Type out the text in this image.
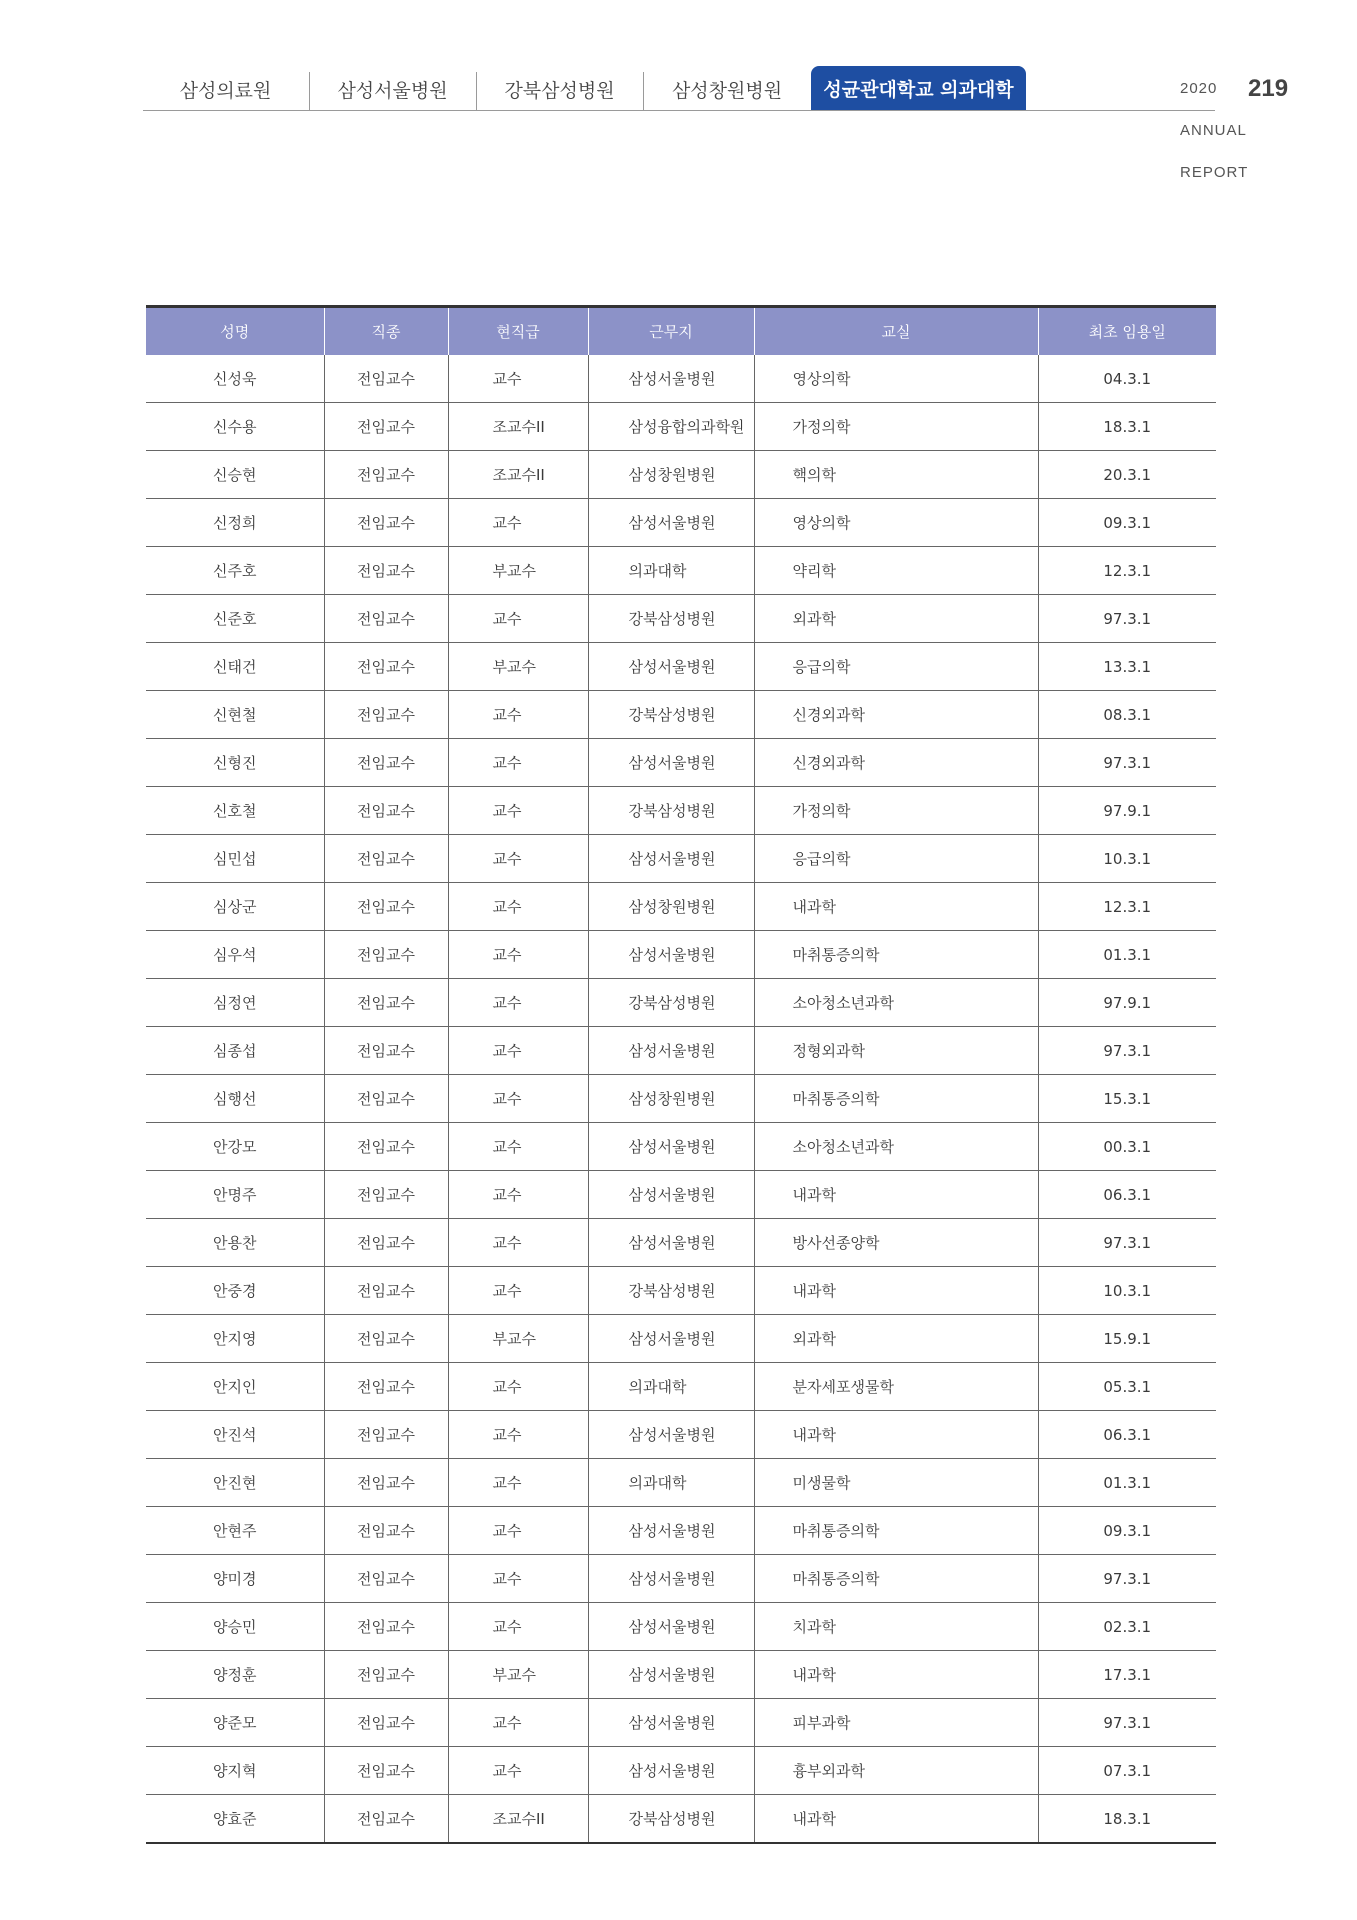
삼성의료원	삼성서울병원	강북삼성병원	삼성창원병원	성균관대학교 의과대학	2020 ANNUAL REPORT
219
성명	직종	현직급	근무지	교실	최초 임용일
신성욱	전임교수	교수	삼성서울병원	영상의학	04.3.1
신수용	전임교수	조교수II	삼성융합의과학원	가정의학	18.3.1
신승현	전임교수	조교수II	삼성창원병원	핵의학	20.3.1
신정희	전임교수	교수	삼성서울병원	영상의학	09.3.1
신주호	전임교수	부교수	의과대학	약리학	12.3.1
신준호	전임교수	교수	강북삼성병원	외과학	97.3.1
신태건	전임교수	부교수	삼성서울병원	응급의학	13.3.1
신현철	전임교수	교수	강북삼성병원	신경외과학	08.3.1
신형진	전임교수	교수	삼성서울병원	신경외과학	97.3.1
신호철	전임교수	교수	강북삼성병원	가정의학	97.9.1
심민섭	전임교수	교수	삼성서울병원	응급의학	10.3.1
심상군	전임교수	교수	삼성창원병원	내과학	12.3.1
심우석	전임교수	교수	삼성서울병원	마취통증의학	01.3.1
심정연	전임교수	교수	강북삼성병원	소아청소년과학	97.9.1
심종섭	전임교수	교수	삼성서울병원	정형외과학	97.3.1
심행선	전임교수	교수	삼성창원병원	마취통증의학	15.3.1
안강모	전임교수	교수	삼성서울병원	소아청소년과학	00.3.1
안명주	전임교수	교수	삼성서울병원	내과학	06.3.1
안용찬	전임교수	교수	삼성서울병원	방사선종양학	97.3.1
안중경	전임교수	교수	강북삼성병원	내과학	10.3.1
안지영	전임교수	부교수	삼성서울병원	외과학	15.9.1
안지인	전임교수	교수	의과대학	분자세포생물학	05.3.1
안진석	전임교수	교수	삼성서울병원	내과학	06.3.1
안진현	전임교수	교수	의과대학	미생물학	01.3.1
안현주	전임교수	교수	삼성서울병원	마취통증의학	09.3.1
양미경	전임교수	교수	삼성서울병원	마취통증의학	97.3.1
양승민	전임교수	교수	삼성서울병원	치과학	02.3.1
양정훈	전임교수	부교수	삼성서울병원	내과학	17.3.1
양준모	전임교수	교수	삼성서울병원	피부과학	97.3.1
양지혁	전임교수	교수	삼성서울병원	흉부외과학	07.3.1
양효준	전임교수	조교수II	강북삼성병원	내과학	18.3.1
